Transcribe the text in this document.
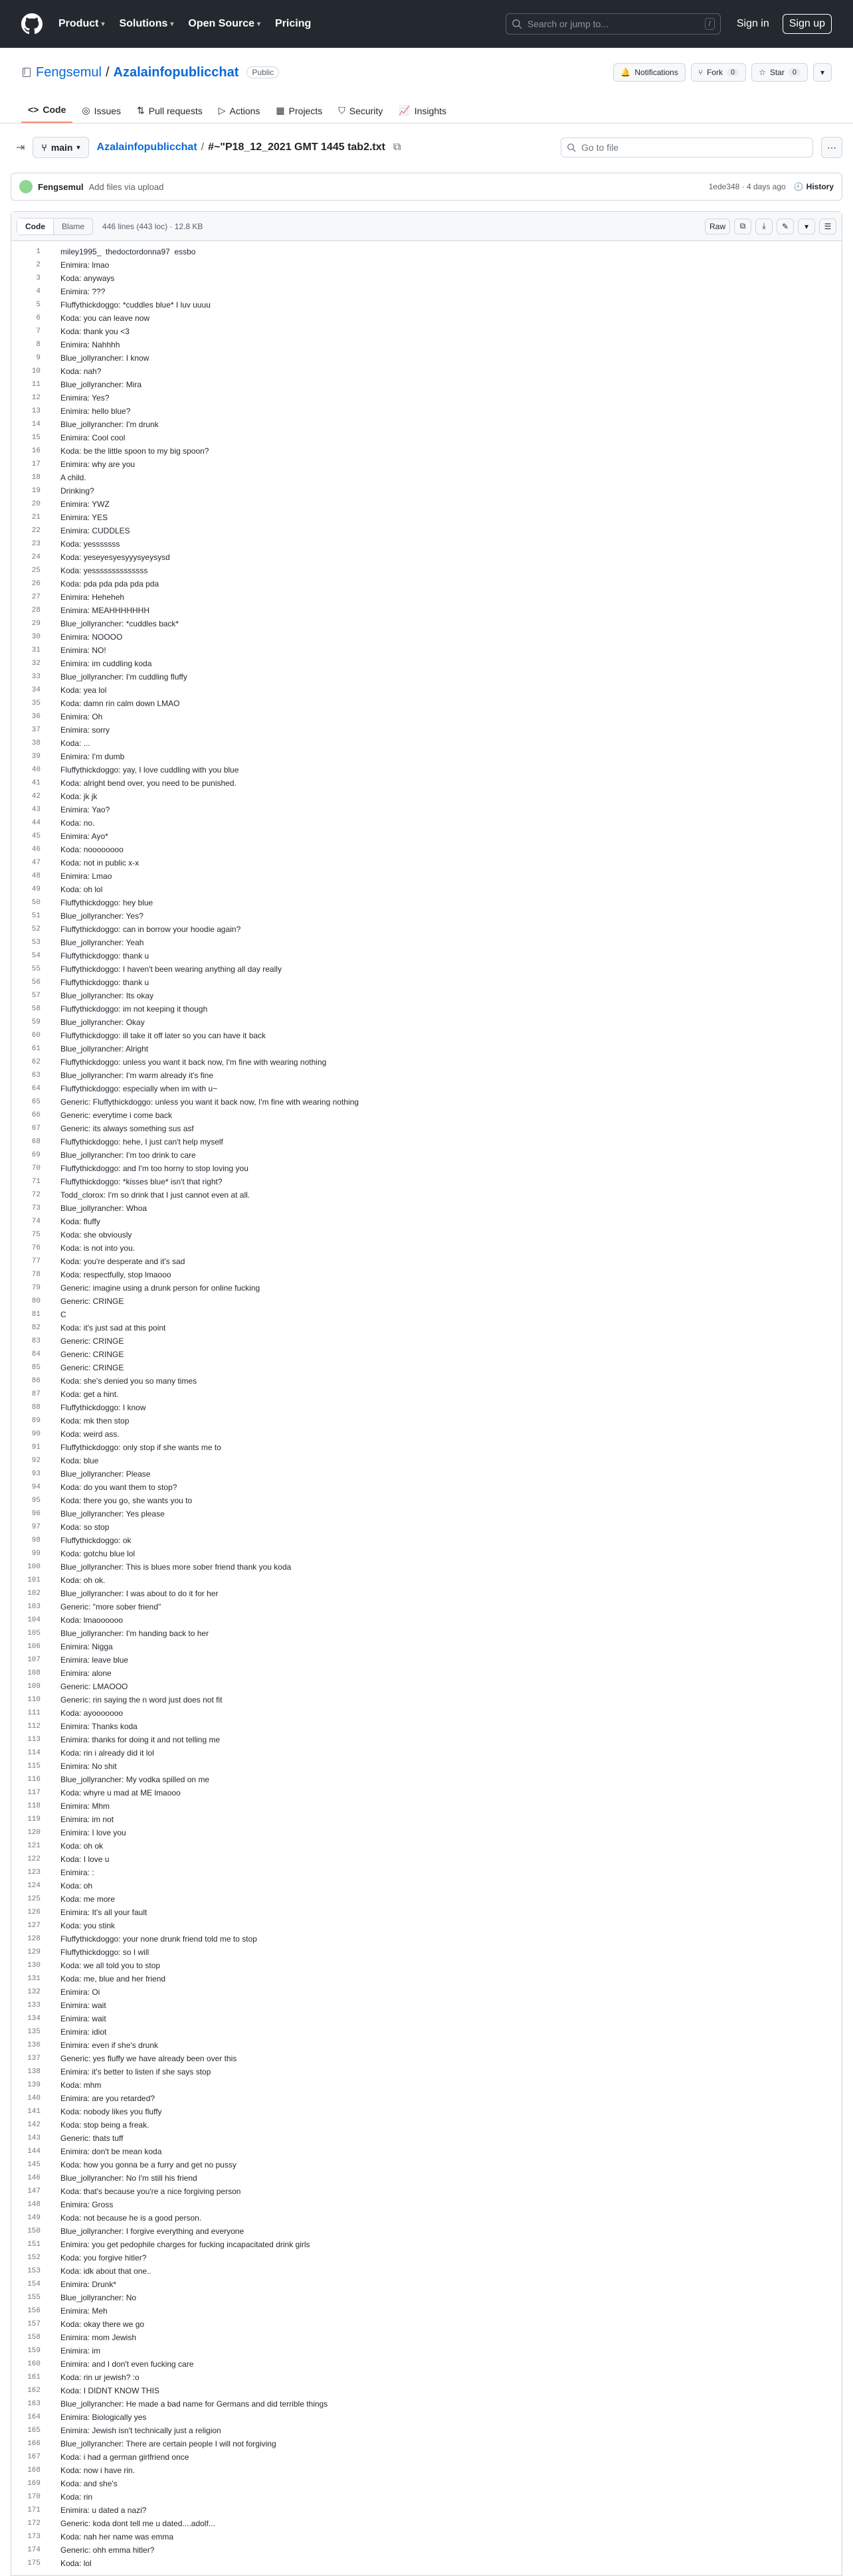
Product ▾ Solutions ▾ Open Source ▾ Pricing	Search or jump to...	/	Sign in	Sign up
Fengsemul / Azalainfopublicchat	Public	🔔 Notifications	⑂ Fork	0	☆ Star	0	▾
<> Code ◎ Issues ⇅ Pull requests ▷ Actions ▦ Projects ⛉ Security 📈 Insights
⇥ ⑂ main ▾ Azalainfopublicchat / #~"P18_12_2021 GMT 1445 tab2.txt ⧉	Go to file	⋯
Fengsemul Add files via upload	1ede348 · 4 days ago 🕘 History
Code	Blame	446 lines (443 loc) · 12.8 KB	Raw	⧉	⤓	✎	▾	☰
1	miley1995_  thedoctordonna97  essbo
2	Enimira: lmao
3	Koda: anyways
4	Enimira: ???
5	Fluffythickdoggo: *cuddles blue* I luv uuuu
6	Koda: you can leave now
7	Koda: thank you <3
8	Enimira: Nahhhh
9	Blue_jollyrancher: I know
10	Koda: nah?
11	Blue_jollyrancher: Mira
12	Enimira: Yes?
13	Enimira: hello blue?
14	Blue_jollyrancher: I'm drunk
15	Enimira: Cool cool
16	Koda: be the little spoon to my big spoon?
17	Enimira: why are you
18	A child.
19	Drinking?
20	Enimira: YWZ
21	Enimira: YES
22	Enimira: CUDDLES
23	Koda: yesssssss
24	Koda: yeseyesyesyyysyeysysd
25	Koda: yessssssssssssss
26	Koda: pda pda pda pda pda
27	Enimira: Heheheh
28	Enimira: MEAHHHHHHH
29	Blue_jollyrancher: *cuddles back*
30	Enimira: NOOOO
31	Enimira: NO!
32	Enimira: im cuddling koda
33	Blue_jollyrancher: I'm cuddling fluffy
34	Koda: yea lol
35	Koda: damn rin calm down LMAO
36	Enimira: Oh
37	Enimira: sorry
38	Koda: ...
39	Enimira: I'm dumb
40	Fluffythickdoggo: yay, I love cuddling with you blue
41	Koda: alright bend over, you need to be punished.
42	Koda: jk jk
43	Enimira: Yao?
44	Koda: no.
45	Enimira: Ayo*
46	Koda: noooooooo
47	Koda: not in public x-x
48	Enimira: Lmao
49	Koda: oh lol
50	Fluffythickdoggo: hey blue
51	Blue_jollyrancher: Yes?
52	Fluffythickdoggo: can in borrow your hoodie again?
53	Blue_jollyrancher: Yeah
54	Fluffythickdoggo: thank u
55	Fluffythickdoggo: I haven't been wearing anything all day really
56	Fluffythickdoggo: thank u
57	Blue_jollyrancher: Its okay
58	Fluffythickdoggo: im not keeping it though
59	Blue_jollyrancher: Okay
60	Fluffythickdoggo: ill take it off later so you can have it back
61	Blue_jollyrancher: Alright
62	Fluffythickdoggo: unless you want it back now, I'm fine with wearing nothing
63	Blue_jollyrancher: I'm warm already it's fine
64	Fluffythickdoggo: especially when im with u~
65	Generic: Fluffythickdoggo: unless you want it back now, I'm fine with wearing nothing
66	Generic: everytime i come back
67	Generic: its always something sus asf
68	Fluffythickdoggo: hehe, I just can't help myself
69	Blue_jollyrancher: I'm too drink to care
70	Fluffythickdoggo: and I'm too horny to stop loving you
71	Fluffythickdoggo: *kisses blue* isn't that right?
72	Todd_clorox: I'm so drink that I just cannot even at all.
73	Blue_jollyrancher: Whoa
74	Koda: fluffy
75	Koda: she obviously
76	Koda: is not into you.
77	Koda: you're desperate and it's sad
78	Koda: respectfully, stop lmaooo
79	Generic: imagine using a drunk person for online fucking
80	Generic: CRINGE
81	C
82	Koda: it's just sad at this point
83	Generic: CRINGE
84	Generic: CRINGE
85	Generic: CRINGE
86	Koda: she's denied you so many times
87	Koda: get a hint.
88	Fluffythickdoggo: I know
89	Koda: mk then stop
90	Koda: weird ass.
91	Fluffythickdoggo: only stop if she wants me to
92	Koda: blue
93	Blue_jollyrancher: Please
94	Koda: do you want them to stop?
95	Koda: there you go, she wants you to
96	Blue_jollyrancher: Yes please
97	Koda: so stop
98	Fluffythickdoggo: ok
99	Koda: gotchu blue lol
100	Blue_jollyrancher: This is blues more sober friend thank you koda
101	Koda: oh ok.
102	Blue_jollyrancher: I was about to do it for her
103	Generic: "more sober friend"
104	Koda: lmaoooooo
105	Blue_jollyrancher: I'm handing back to her
106	Enimira: Nigga
107	Enimira: leave blue
108	Enimira: alone
109	Generic: LMAOOO
110	Generic: rin saying the n word just does not fit
111	Koda: ayooooooo
112	Enimira: Thanks koda
113	Enimira: thanks for doing it and not telling me
114	Koda: rin i already did it lol
115	Enimira: No shit
116	Blue_jollyrancher: My vodka spilled on me
117	Koda: whyre u mad at ME lmaooo
118	Enimira: Mhm
119	Enimira: im not
120	Enimira: I love you
121	Koda: oh ok
122	Koda: I love u
123	Enimira: :
124	Koda: oh
125	Koda: me more
126	Enimira: It's all your fault
127	Koda: you stink
128	Fluffythickdoggo: your none drunk friend told me to stop
129	Fluffythickdoggo: so I will
130	Koda: we all told you to stop
131	Koda: me, blue and her friend
132	Enimira: Oi
133	Enimira: wait
134	Enimira: wait
135	Enimira: idiot
136	Enimira: even if she's drunk
137	Generic: yes fluffy we have already been over this
138	Enimira: it's better to listen if she says stop
139	Koda: mhm
140	Enimira: are you retarded?
141	Koda: nobody likes you fluffy
142	Koda: stop being a freak.
143	Generic: thats tuff
144	Enimira: don't be mean koda
145	Koda: how you gonna be a furry and get no pussy
146	Blue_jollyrancher: No I'm still his friend
147	Koda: that's because you're a nice forgiving person
148	Enimira: Gross
149	Koda: not because he is a good person.
150	Blue_jollyrancher: I forgive everything and everyone
151	Enimira: you get pedophile charges for fucking incapacitated drink girls
152	Koda: you forgive hitler?
153	Koda: idk about that one..
154	Enimira: Drunk*
155	Blue_jollyrancher: No
156	Enimira: Meh
157	Koda: okay there we go
158	Enimira: mom Jewish
159	Enimira: im
160	Enimira: and I don't even fucking care
161	Koda: rin ur jewish? :o
162	Koda: I DIDNT KNOW THIS
163	Blue_jollyrancher: He made a bad name for Germans and did terrible things
164	Enimira: Biologically yes
165	Enimira: Jewish isn't technically just a religion
166	Blue_jollyrancher: There are certain people I will not forgiving
167	Koda: i had a german girlfriend once
168	Koda: now i have rin.
169	Koda: and she's
170	Koda: rin
171	Enimira: u dated a nazi?
172	Generic: koda dont tell me u dated....adolf...
173	Koda: nah her name was emma
174	Generic: ohh emma hitler?
175	Koda: lol
